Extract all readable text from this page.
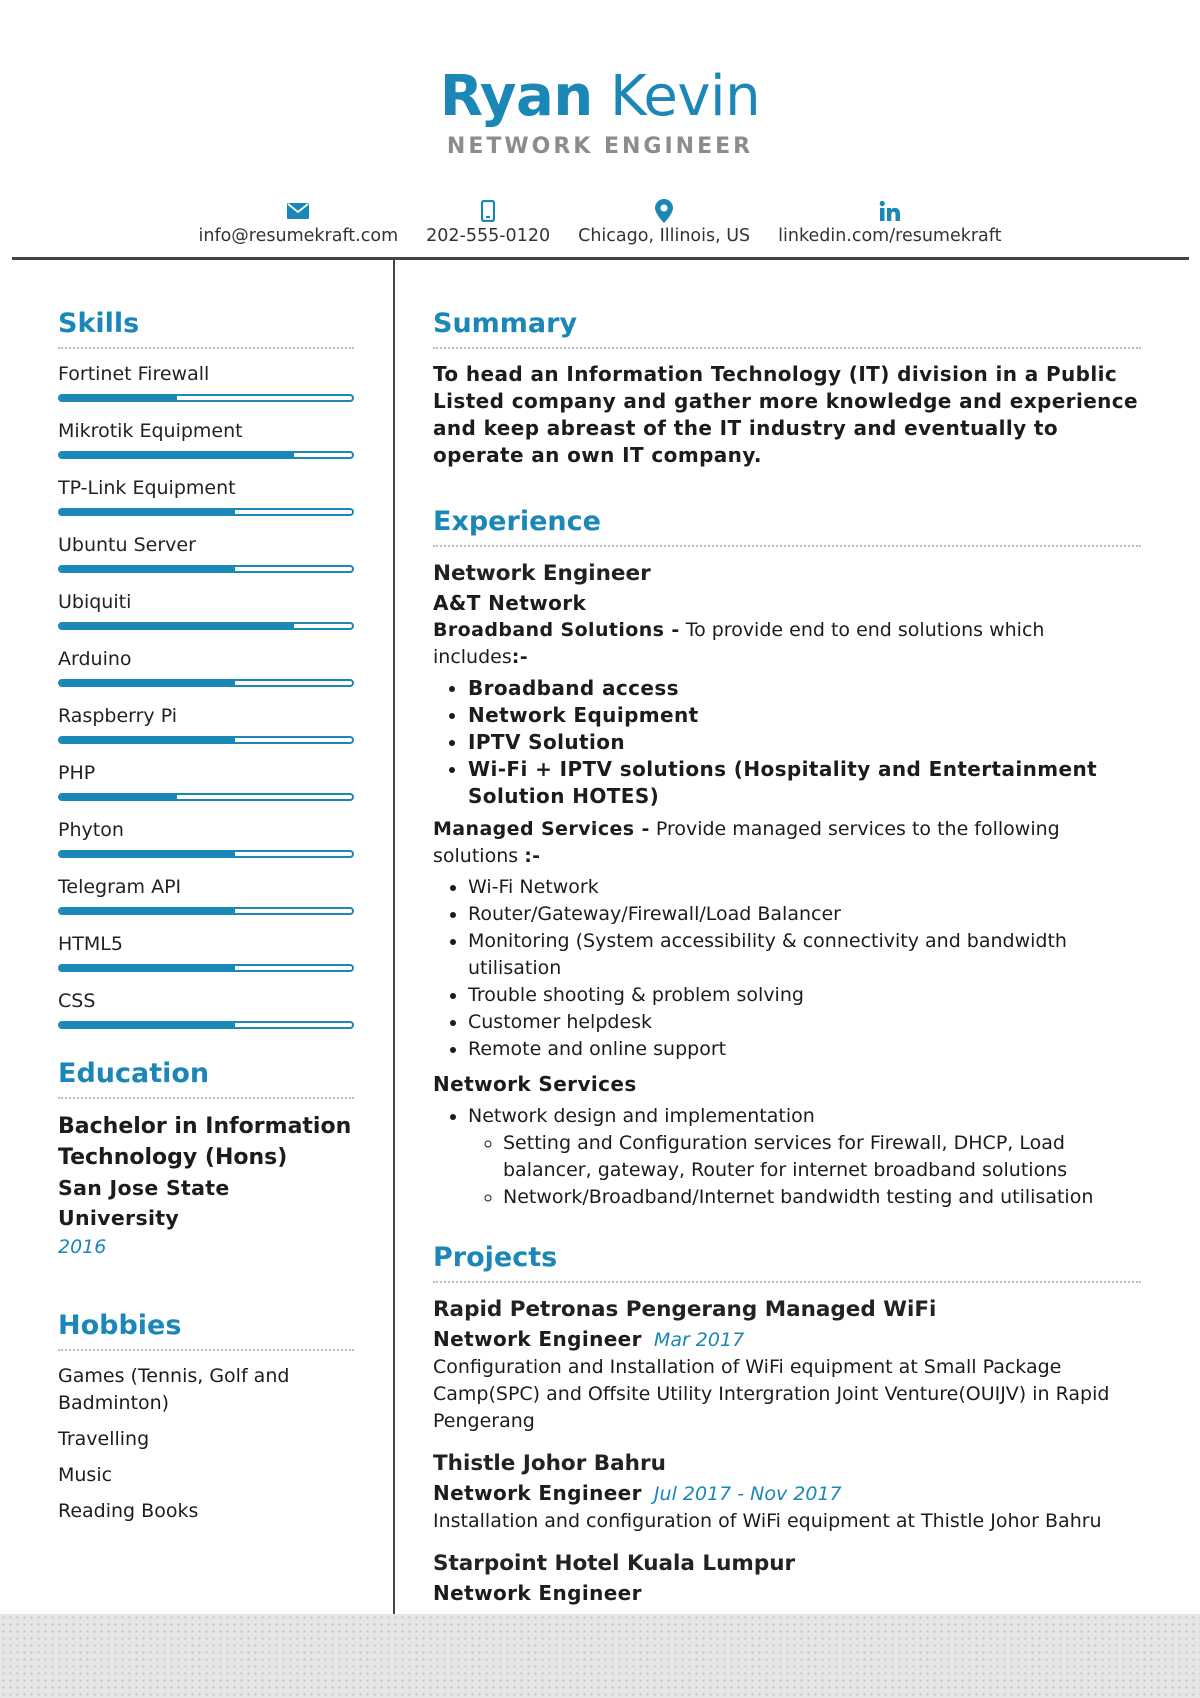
Ryan Kevin
NETWORK ENGINEER
info@resumekraft.com 202-555-0120 Chicago, Illinois, US linkedin.com/resumekraft
Skills
Fortinet Firewall
Mikrotik Equipment
TP-Link Equipment
Ubuntu Server
Ubiquiti
Arduino
Raspberry Pi
PHP
Phyton
Telegram API
HTML5
CSS
Education
Bachelor in Information Technology (Hons)
San Jose State University
2016
Hobbies
Games (Tennis, Golf and Badminton)
Travelling
Music
Reading Books
Summary
To head an Information Technology (IT) division in a Public Listed company and gather more knowledge and experience and keep abreast of the IT industry and eventually to operate an own IT company.
Experience
Network Engineer
A&T Network
Broadband Solutions - To provide end to end solutions which includes:-
• Broadband access
• Network Equipment
• IPTV Solution
• Wi-Fi + IPTV solutions (Hospitality and Entertainment Solution HOTES)
Managed Services - Provide managed services to the following solutions :-
• Wi-Fi Network
• Router/Gateway/Firewall/Load Balancer
• Monitoring (System accessibility & connectivity and bandwidth utilisation
• Trouble shooting & problem solving
• Customer helpdesk
• Remote and online support
Network Services
• Network design and implementation
◦ Setting and Configuration services for Firewall, DHCP, Load balancer, gateway, Router for internet broadband solutions
◦ Network/Broadband/Internet bandwidth testing and utilisation
Projects
Rapid Petronas Pengerang Managed WiFi
Network Engineer Mar 2017
Configuration and Installation of WiFi equipment at Small Package Camp(SPC) and Offsite Utility Intergration Joint Venture(OUIJV) in Rapid Pengerang
Thistle Johor Bahru
Network Engineer Jul 2017 - Nov 2017
Installation and configuration of WiFi equipment at Thistle Johor Bahru
Starpoint Hotel Kuala Lumpur
Network Engineer
